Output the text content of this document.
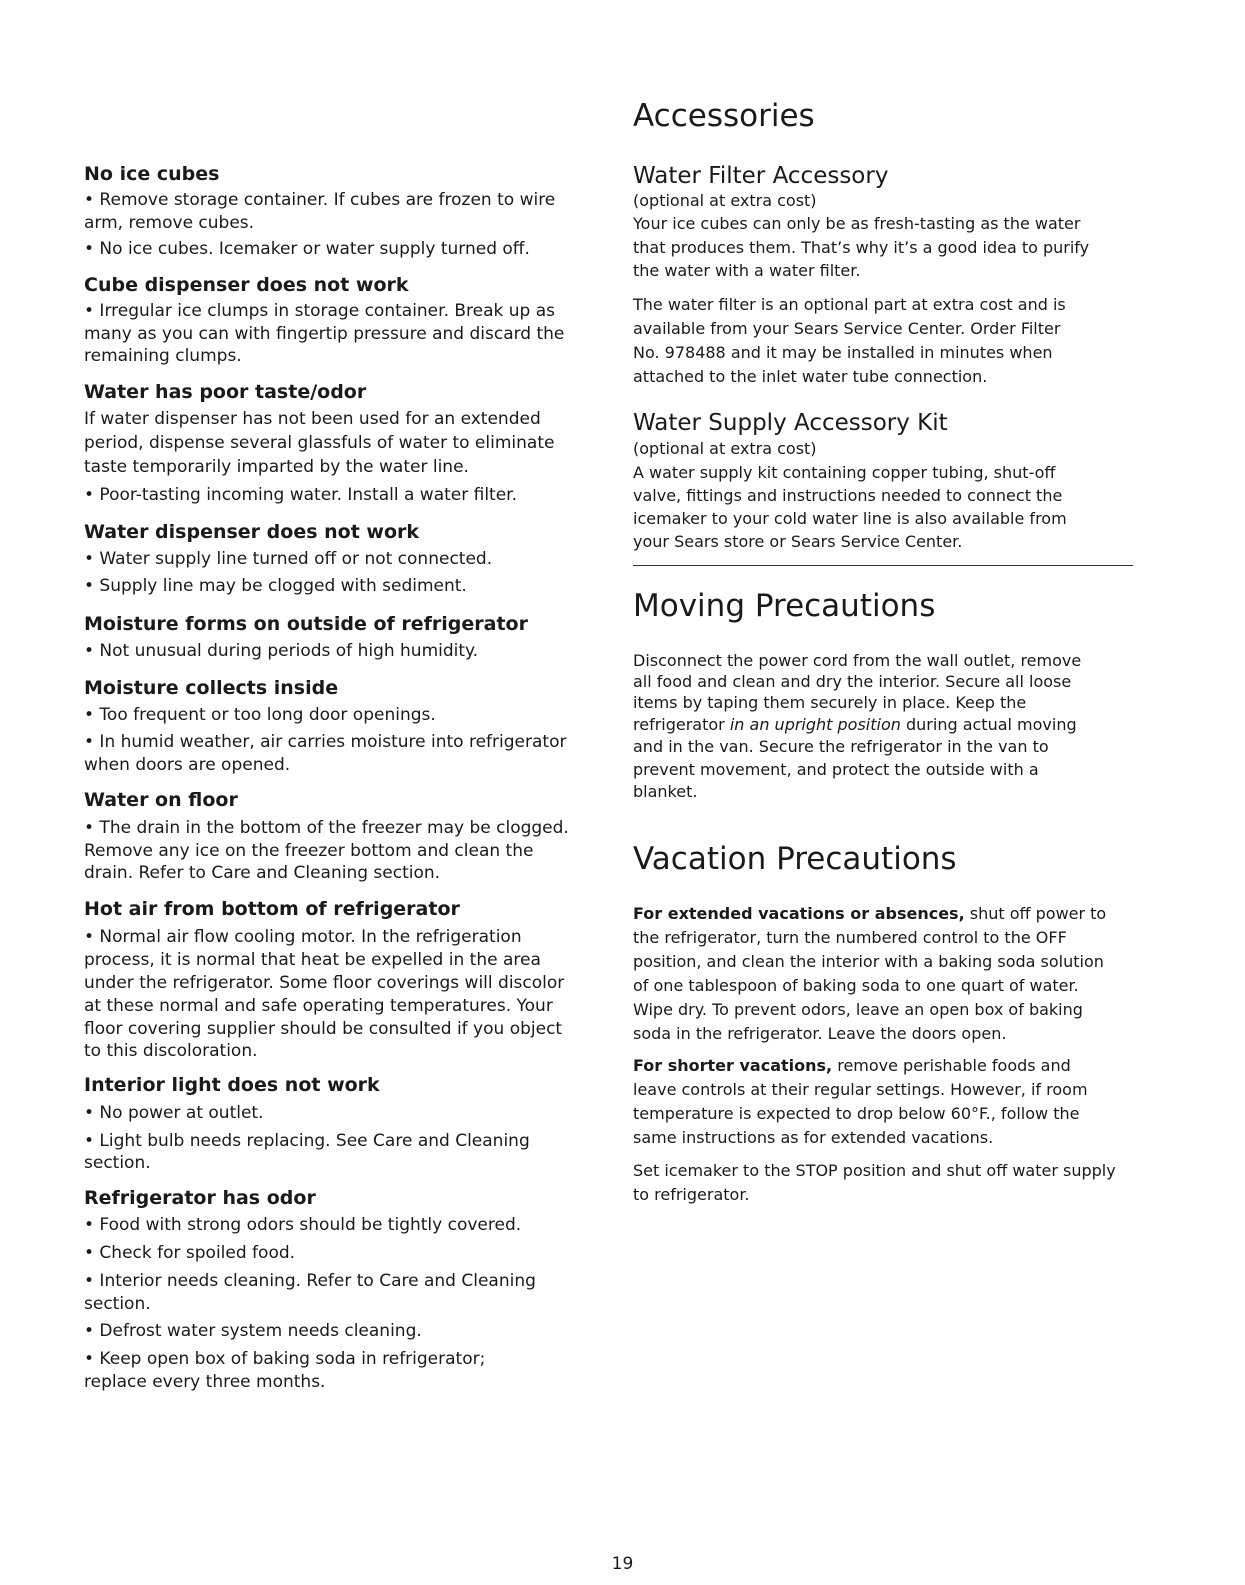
No ice cubes
• Remove storage container. If cubes are frozen to wire
arm, remove cubes.
• No ice cubes. Icemaker or water supply turned off.
Cube dispenser does not work
• Irregular ice clumps in storage container. Break up as
many as you can with fingertip pressure and discard the
remaining clumps.
Water has poor taste/odor
If water dispenser has not been used for an extended
period, dispense several glassfuls of water to eliminate
taste temporarily imparted by the water line.
• Poor-tasting incoming water. Install a water filter.
Water dispenser does not work
• Water supply line turned off or not connected.
• Supply line may be clogged with sediment.
Moisture forms on outside of refrigerator
• Not unusual during periods of high humidity.
Moisture collects inside
• Too frequent or too long door openings.
• In humid weather, air carries moisture into refrigerator
when doors are opened.
Water on floor
• The drain in the bottom of the freezer may be clogged.
Remove any ice on the freezer bottom and clean the
drain. Refer to Care and Cleaning section.
Hot air from bottom of refrigerator
• Normal air flow cooling motor. In the refrigeration
process, it is normal that heat be expelled in the area
under the refrigerator. Some floor coverings will discolor
at these normal and safe operating temperatures. Your
floor covering supplier should be consulted if you object
to this discoloration.
Interior light does not work
• No power at outlet.
• Light bulb needs replacing. See Care and Cleaning
section.
Refrigerator has odor
• Food with strong odors should be tightly covered.
• Check for spoiled food.
• Interior needs cleaning. Refer to Care and Cleaning
section.
• Defrost water system needs cleaning.
• Keep open box of baking soda in refrigerator;
replace every three months.
Accessories
Water Filter Accessory
(optional at extra cost)
Your ice cubes can only be as fresh-tasting as the water
that produces them. That’s why it’s a good idea to purify
the water with a water filter.
The water filter is an optional part at extra cost and is
available from your Sears Service Center. Order Filter
No. 978488 and it may be installed in minutes when
attached to the inlet water tube connection.
Water Supply Accessory Kit
(optional at extra cost)
A water supply kit containing copper tubing, shut-off
valve, fittings and instructions needed to connect the
icemaker to your cold water line is also available from
your Sears store or Sears Service Center.
Moving Precautions
Disconnect the power cord from the wall outlet, remove
all food and clean and dry the interior. Secure all loose
items by taping them securely in place. Keep the
refrigerator in an upright position during actual moving
and in the van. Secure the refrigerator in the van to
prevent movement, and protect the outside with a
blanket.
Vacation Precautions
For extended vacations or absences, shut off power to
the refrigerator, turn the numbered control to the OFF
position, and clean the interior with a baking soda solution
of one tablespoon of baking soda to one quart of water.
Wipe dry. To prevent odors, leave an open box of baking
soda in the refrigerator. Leave the doors open.
For shorter vacations, remove perishable foods and
leave controls at their regular settings. However, if room
temperature is expected to drop below 60°F., follow the
same instructions as for extended vacations.
Set icemaker to the STOP position and shut off water supply
to refrigerator.
19
